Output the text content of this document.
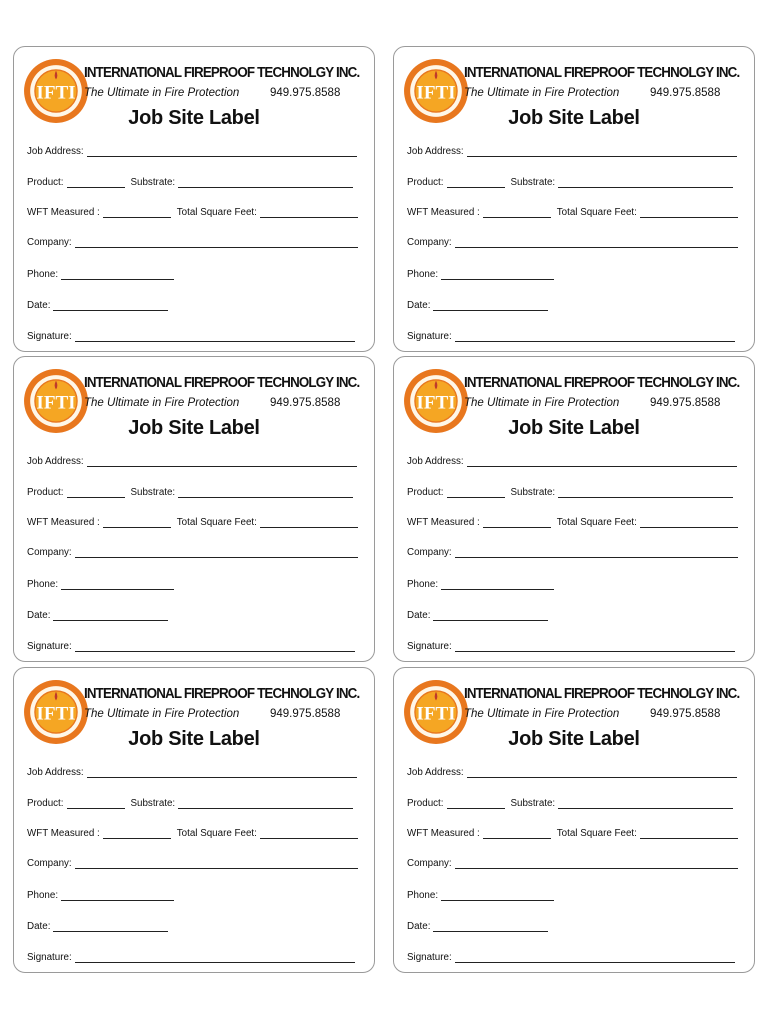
IFTI
INTERNATIONAL FIREPROOF TECHNOLGY INC.
The Ultimate in Fire Protection	949.975.8588
Job Site Label
Job Address:
Product:	Substrate:
WFT Measured :	Total Square Feet:
Company:
Phone:
Date:
Signature:
IFTI
INTERNATIONAL FIREPROOF TECHNOLGY INC.
The Ultimate in Fire Protection	949.975.8588
Job Site Label
Job Address:
Product:	Substrate:
WFT Measured :	Total Square Feet:
Company:
Phone:
Date:
Signature:
IFTI
INTERNATIONAL FIREPROOF TECHNOLGY INC.
The Ultimate in Fire Protection	949.975.8588
Job Site Label
Job Address:
Product:	Substrate:
WFT Measured :	Total Square Feet:
Company:
Phone:
Date:
Signature:
IFTI
INTERNATIONAL FIREPROOF TECHNOLGY INC.
The Ultimate in Fire Protection	949.975.8588
Job Site Label
Job Address:
Product:	Substrate:
WFT Measured :	Total Square Feet:
Company:
Phone:
Date:
Signature:
IFTI
INTERNATIONAL FIREPROOF TECHNOLGY INC.
The Ultimate in Fire Protection	949.975.8588
Job Site Label
Job Address:
Product:	Substrate:
WFT Measured :	Total Square Feet:
Company:
Phone:
Date:
Signature:
IFTI
INTERNATIONAL FIREPROOF TECHNOLGY INC.
The Ultimate in Fire Protection	949.975.8588
Job Site Label
Job Address:
Product:	Substrate:
WFT Measured :	Total Square Feet:
Company:
Phone:
Date:
Signature:
